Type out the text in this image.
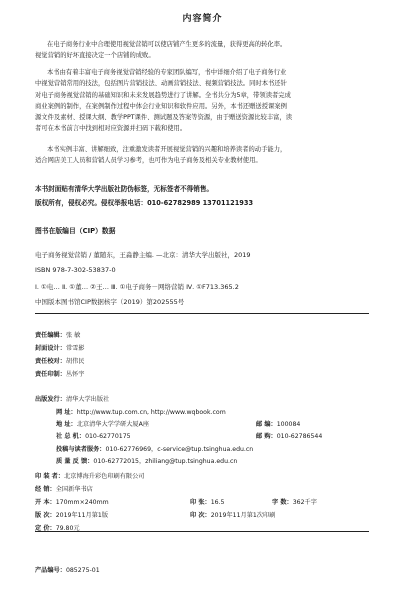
内容简介

在电子商务行业中合理使用视觉营销可以使店铺产生更多的流量，获得更高的转化率。

视觉营销的好坏直接决定一个店铺的成败。

本书由有着丰富电子商务视觉营销经验的专家团队编写，书中详细介绍了电子商务行业

中视觉营销常用的技法，包括图片营销技法、动画营销技法、视频营销技法。同时本书还针

对电子商务视觉营销的基础知识和未来发展趋势进行了讲解。全书共分为5章，带领读者完成

商业案例的制作，在案例制作过程中体会行业知识和软件应用。另外，本书还赠送授课案例

源文件及素材、授课大纲、教学PPT课件、测试题及答案等资源，由于赠送资源比较丰富，读

者可在本书前言中找到相对应资源并扫码下载和使用。

本书实例丰富、讲解细致，注重激发读者开展视觉营销的兴趣和培养读者的动手能力，

适合网店美工人员和营销人员学习参考，也可作为电子商务及相关专业教材使用。

本书封面贴有清华大学出版社防伪标签，无标签者不得销售。
版权所有，侵权必究。侵权举报电话：010-62782989 13701121933
图书在版编目（CIP）数据
电子商务视觉营销 / 董随东，王淼静主编. —北京：清华大学出版社，2019
ISBN 978-7-302-53837-0
Ⅰ. ①电… Ⅱ. ①董… ②王… Ⅲ. ①电子商务－网络营销 Ⅳ. ①F713.365.2
中国版本图书馆CIP数据核字（2019）第202555号
责任编辑：张 敏
封面设计：常雪影
责任校对：胡伟民
责任印制：丛怀宇
出版发行：清华大学出版社
网 址：http://www.tup.com.cn, http://www.wqbook.com
地 址：北京清华大学学研大厦A座	邮 编：100084
社 总 机：010-62770175	邮 购：010-62786544
投稿与读者服务：010-62776969，c-service@tup.tsinghua.edu.cn
质 量 反 馈：010-62772015，zhiliang@tup.tsinghua.edu.cn
印 装 者：北京博海升彩色印刷有限公司
经 销：全国新华书店
开 本：170mm×240mm	印 张：16.5	字 数：362千字
版 次：2019年11月第1版	印 次：2019年11月第1次印刷
定 价：79.80元
产品编号：085275-01
